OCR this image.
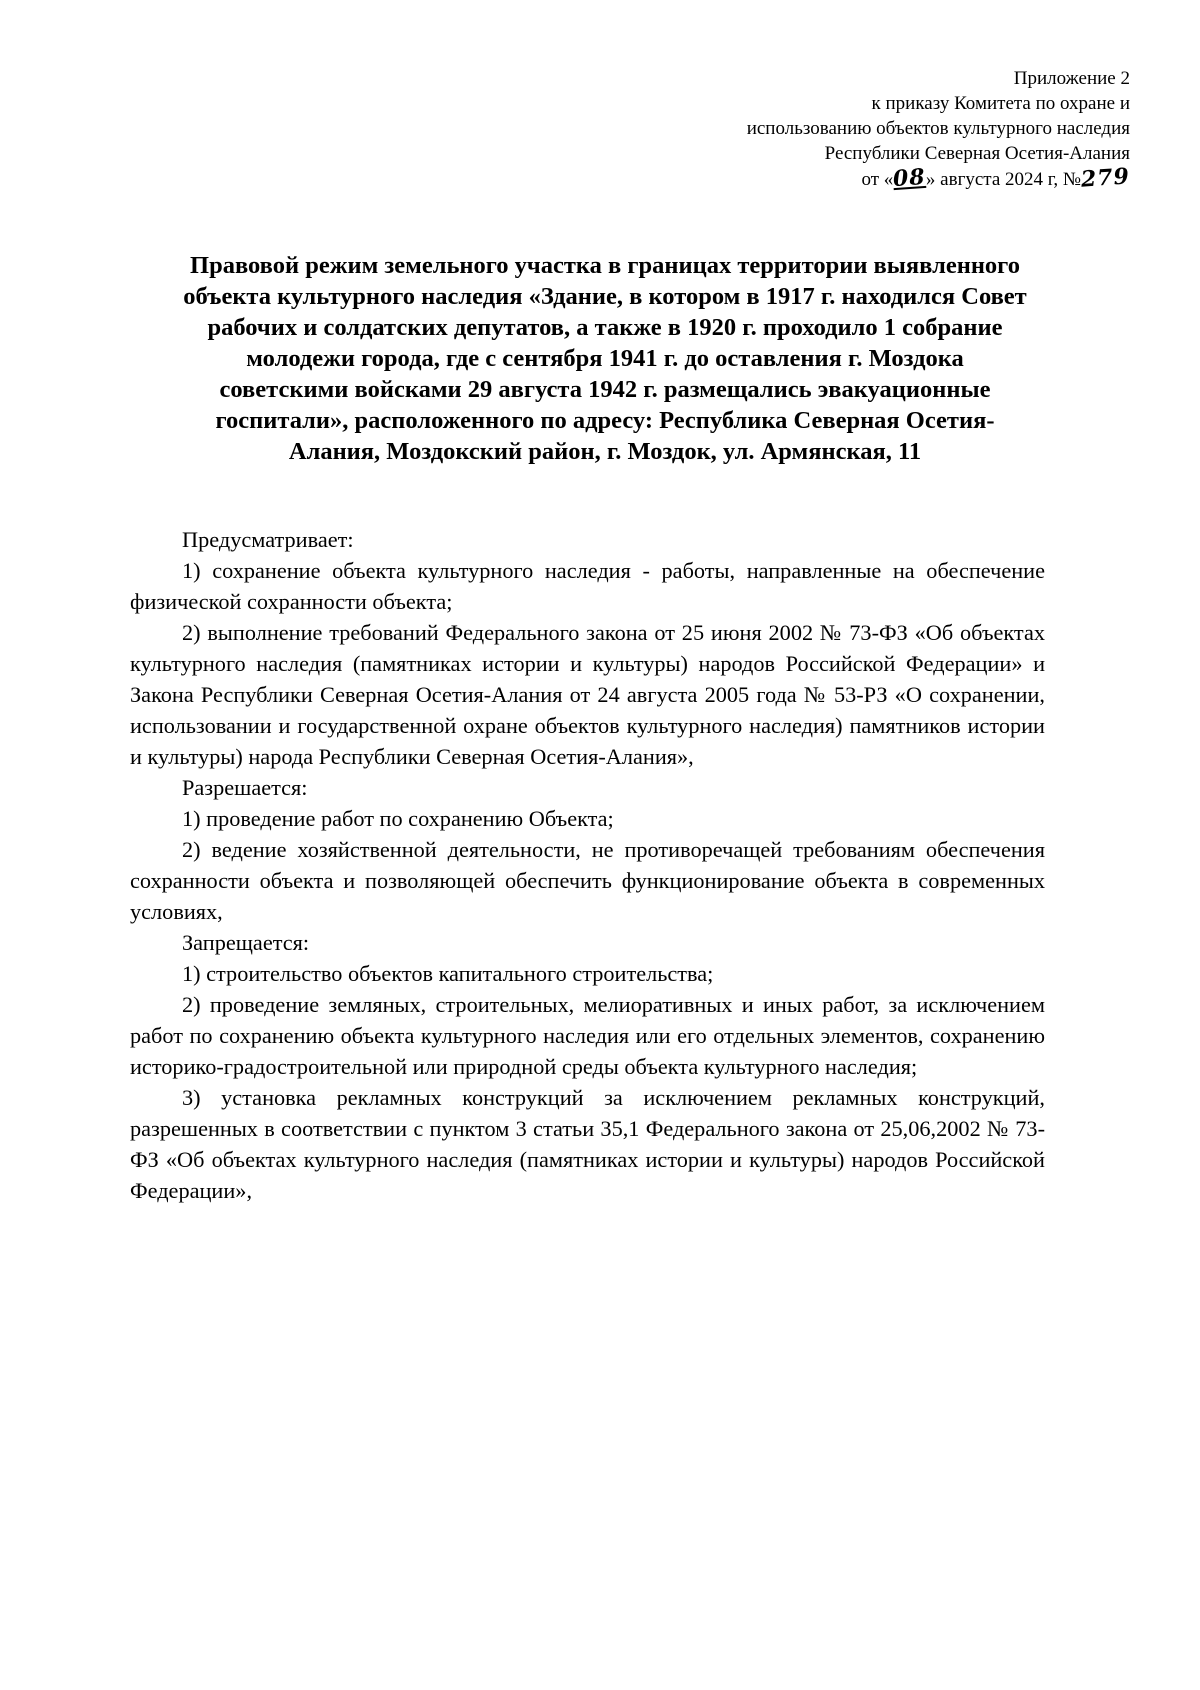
Приложение 2
к приказу Комитета по охране и
использованию объектов культурного наследия
Республики Северная Осетия-Алания
от «08» августа 2024 г, №279
Правовой режим земельного участка в границах территории выявленного
объекта культурного наследия «Здание, в котором в 1917 г. находился Совет
рабочих и солдатских депутатов, а также в 1920 г. проходило 1 собрание
молодежи города, где с сентября 1941 г. до оставления г. Моздока
советскими войсками 29 августа 1942 г. размещались эвакуационные
госпитали», расположенного по адресу: Республика Северная Осетия-
Алания, Моздокский район, г. Моздок, ул. Армянская, 11

Предусматривает:

1) сохранение объекта культурного наследия - работы, направленные на обеспечение физической сохранности объекта;

2) выполнение требований Федерального закона от 25 июня 2002 № 73-ФЗ «Об объектах культурного наследия (памятниках истории и культуры) народов Российской Федерации» и Закона Республики Северная Осетия-Алания от 24 августа 2005 года № 53-РЗ «О сохранении, использовании и государственной охране объектов культурного наследия) памятников истории и культуры) народа Республики Северная Осетия-Алания»,

Разрешается:

1) проведение работ по сохранению Объекта;

2) ведение хозяйственной деятельности, не противоречащей требованиям обеспечения сохранности объекта и позволяющей обеспечить функционирование объекта в современных условиях,

Запрещается:

1) строительство объектов капитального строительства;

2) проведение земляных, строительных, мелиоративных и иных работ, за исключением работ по сохранению объекта культурного наследия или его отдельных элементов, сохранению историко-градостроительной или природной среды объекта культурного наследия;

3) установка рекламных конструкций за исключением рекламных конструкций, разрешенных в соответствии с пунктом 3 статьи 35,1 Федерального закона от 25,06,2002 № 73-ФЗ «Об объектах культурного наследия (памятниках истории и культуры) народов Российской Федерации»,
